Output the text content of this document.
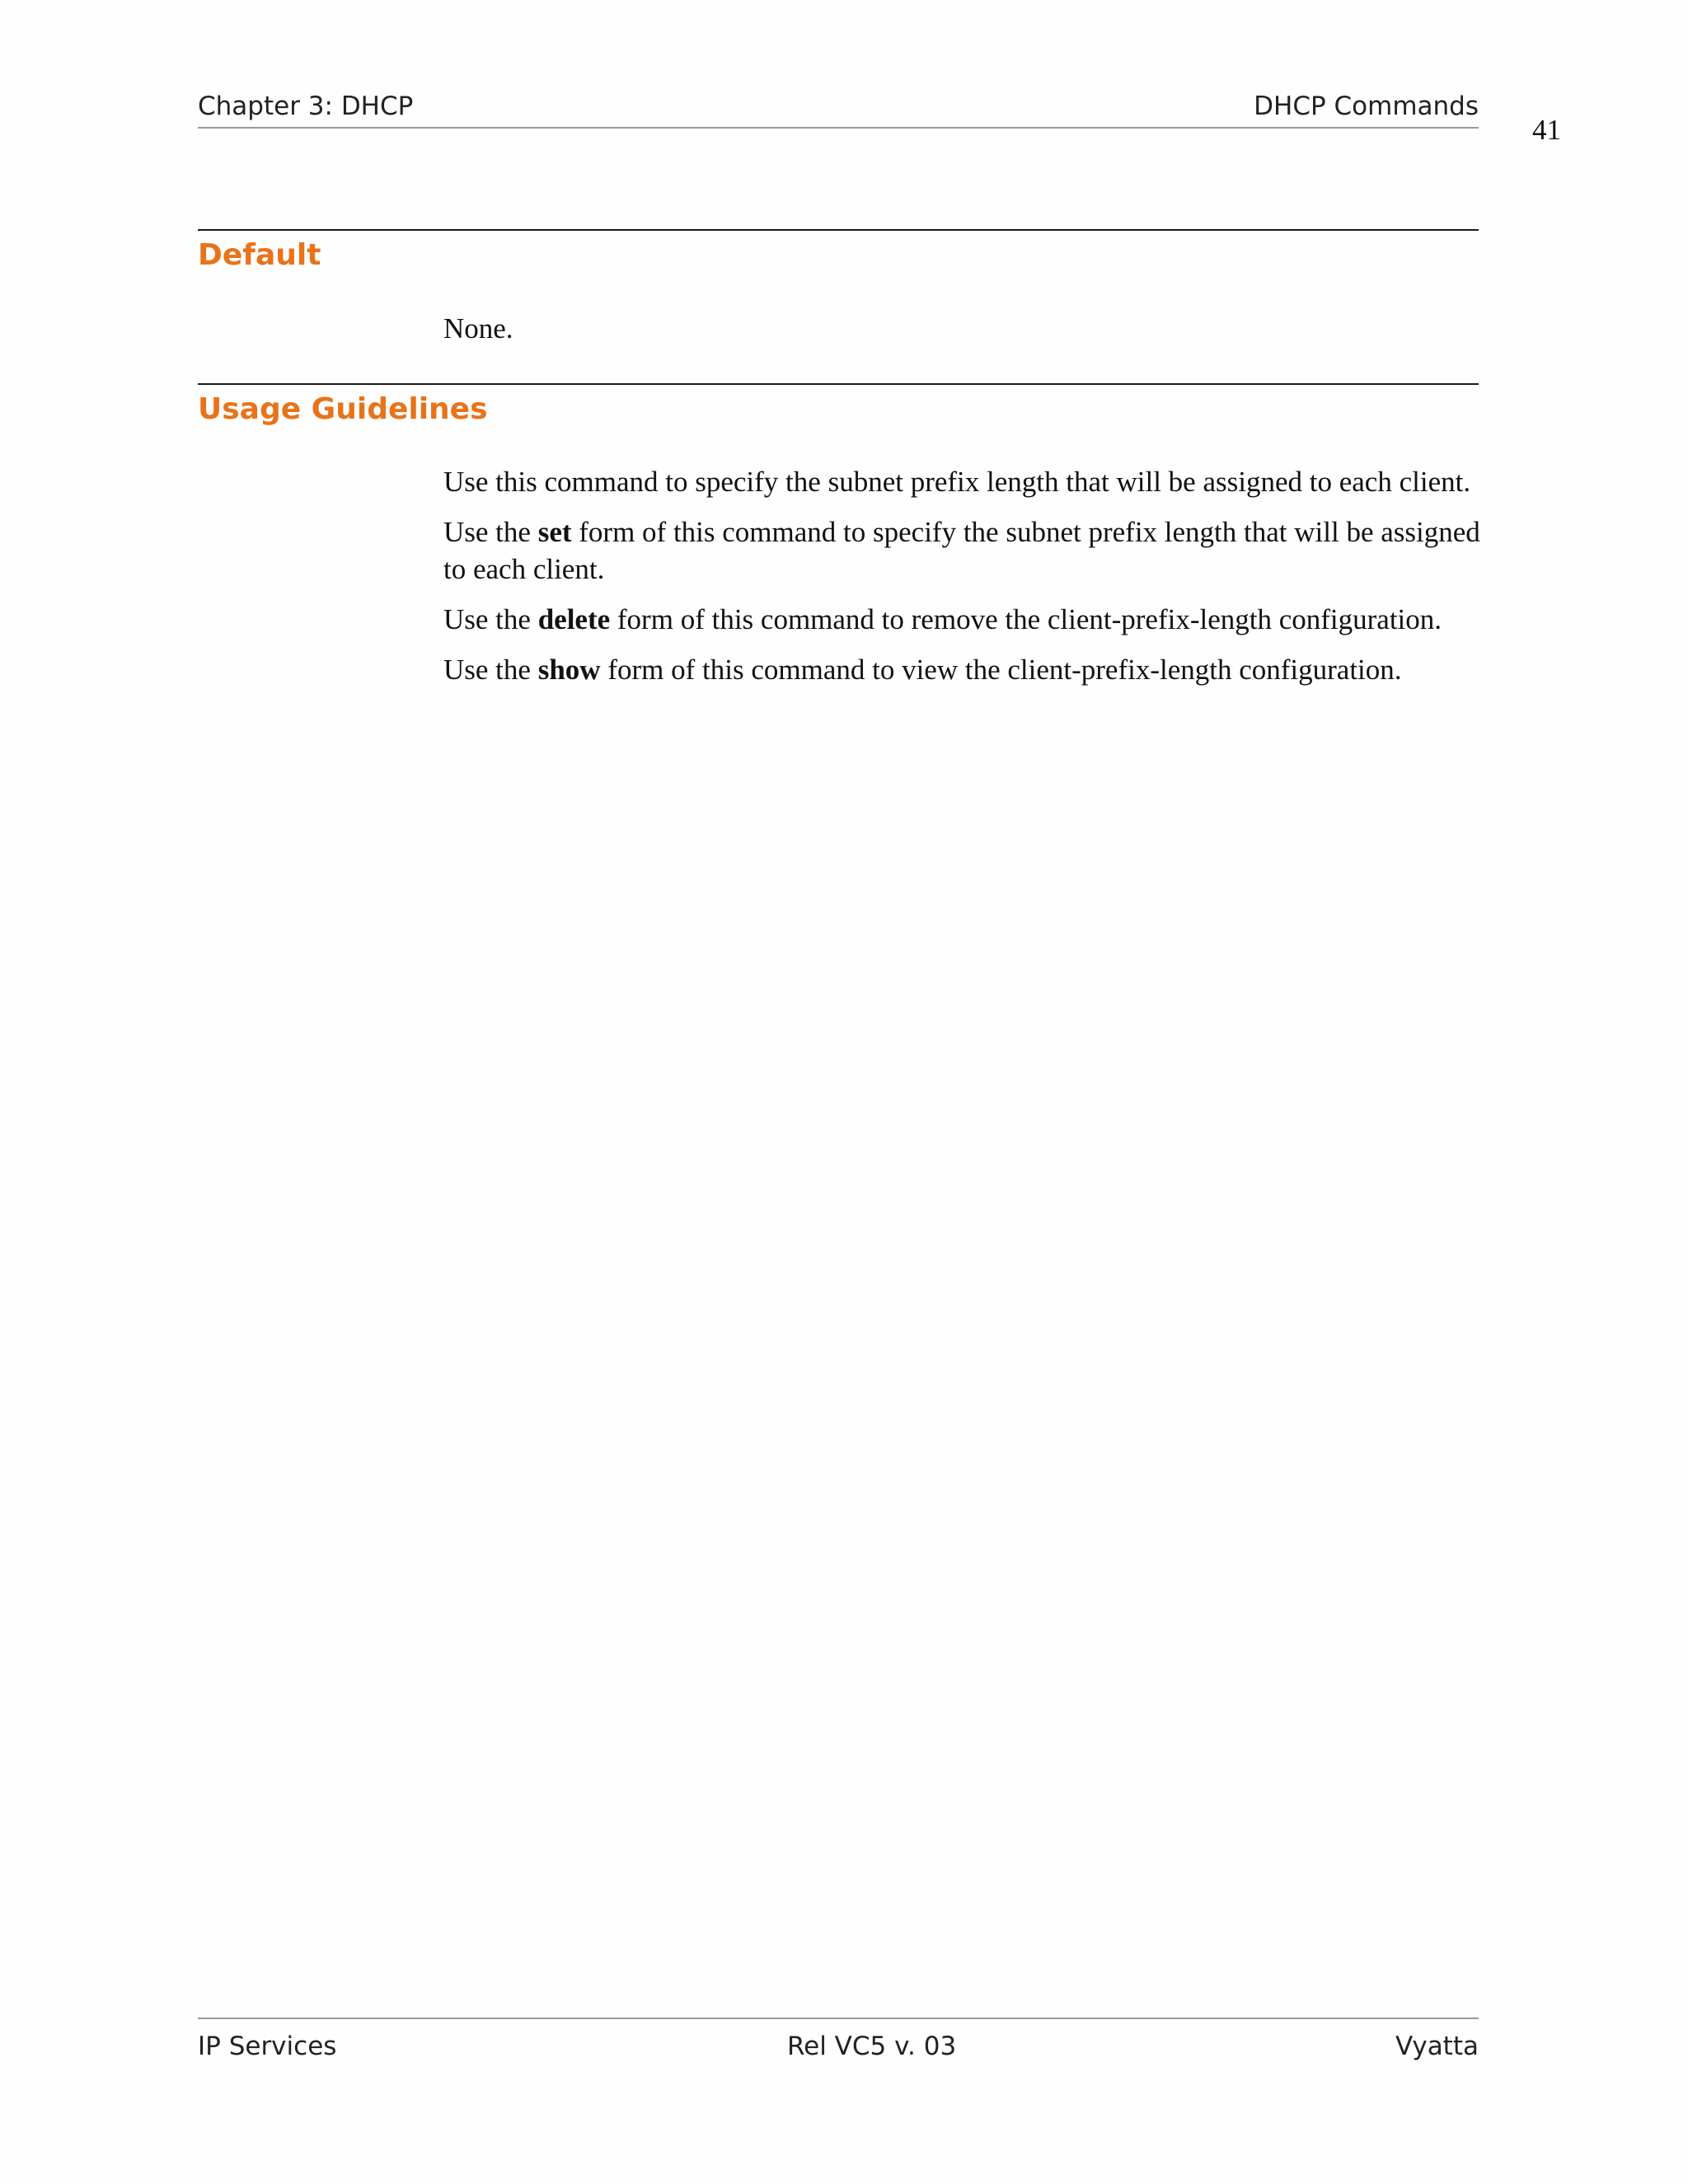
Chapter 3: DHCP	DHCP Commands
41
Default

None.

Usage Guidelines

Use this command to specify the subnet prefix length that will be assigned to each client.

Use the set form of this command to specify the subnet prefix length that will be assigned to each client.

Use the delete form of this command to remove the client-prefix-length configuration.

Use the show form of this command to view the client-prefix-length configuration.

IP Services	Rel VC5 v. 03	Vyatta
